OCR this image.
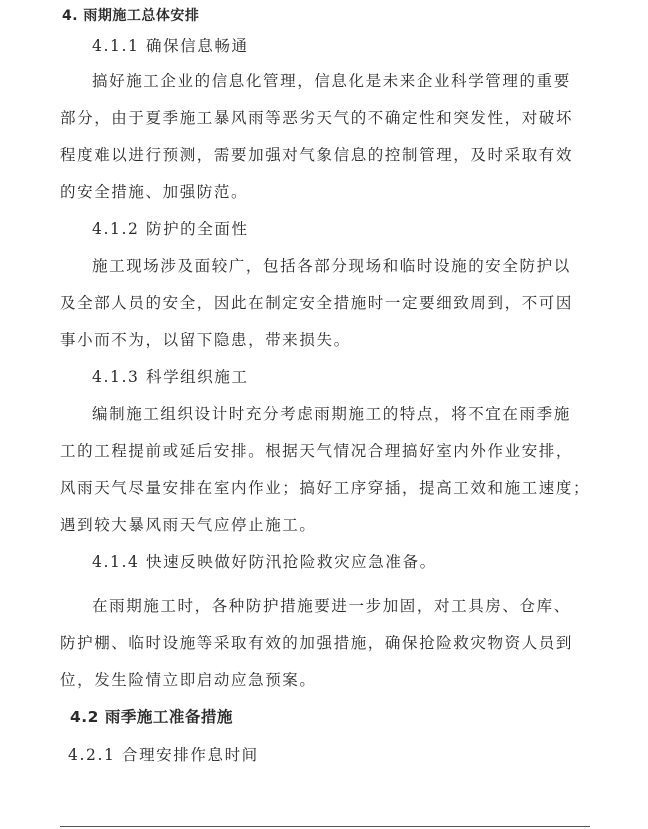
4. 雨期施工总体安排
4.1.1 确保信息畅通
搞好施工企业的信息化管理，信息化是未来企业科学管理的重要
部分，由于夏季施工暴风雨等恶劣天气的不确定性和突发性，对破坏
程度难以进行预测，需要加强对气象信息的控制管理，及时采取有效
的安全措施、加强防范。
4.1.2 防护的全面性
施工现场涉及面较广，包括各部分现场和临时设施的安全防护以
及全部人员的安全，因此在制定安全措施时一定要细致周到，不可因
事小而不为，以留下隐患，带来损失。
4.1.3 科学组织施工
编制施工组织设计时充分考虑雨期施工的特点，将不宜在雨季施
工的工程提前或延后安排。根据天气情况合理搞好室内外作业安排，
风雨天气尽量安排在室内作业；搞好工序穿插，提高工效和施工速度；
遇到较大暴风雨天气应停止施工。
4.1.4 快速反映做好防汛抢险救灾应急准备。
在雨期施工时，各种防护措施要进一步加固，对工具房、仓库、
防护棚、临时设施等采取有效的加强措施，确保抢险救灾物资人员到
位，发生险情立即启动应急预案。
4.2 雨季施工准备措施
4.2.1 合理安排作息时间
